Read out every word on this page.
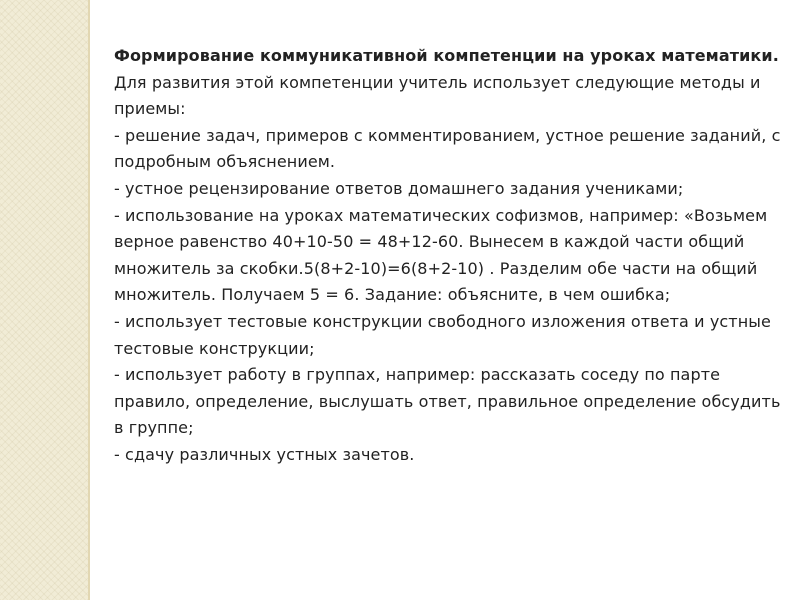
Формирование коммуникативной компетенции на уроках математики.
Для развития этой компетенции учитель использует следующие методы и приемы:
- решение задач, примеров с комментированием, устное решение заданий, с подробным объяснением.
- устное рецензирование ответов домашнего задания учениками;
- использование на уроках математических софизмов, например: «Возьмем верное равенство 40+10-50 = 48+12-60. Вынесем в каждой части общий множитель за скобки.5(8+2-10)=6(8+2-10) . Разделим обе части на общий множитель. Получаем 5 = 6. Задание: объясните, в чем ошибка;
- использует тестовые конструкции свободного изложения ответа и устные тестовые конструкции;
- использует работу в группах, например: рассказать соседу по парте правило, определение, выслушать ответ, правильное определение обсудить в группе;
- сдачу различных устных зачетов.
